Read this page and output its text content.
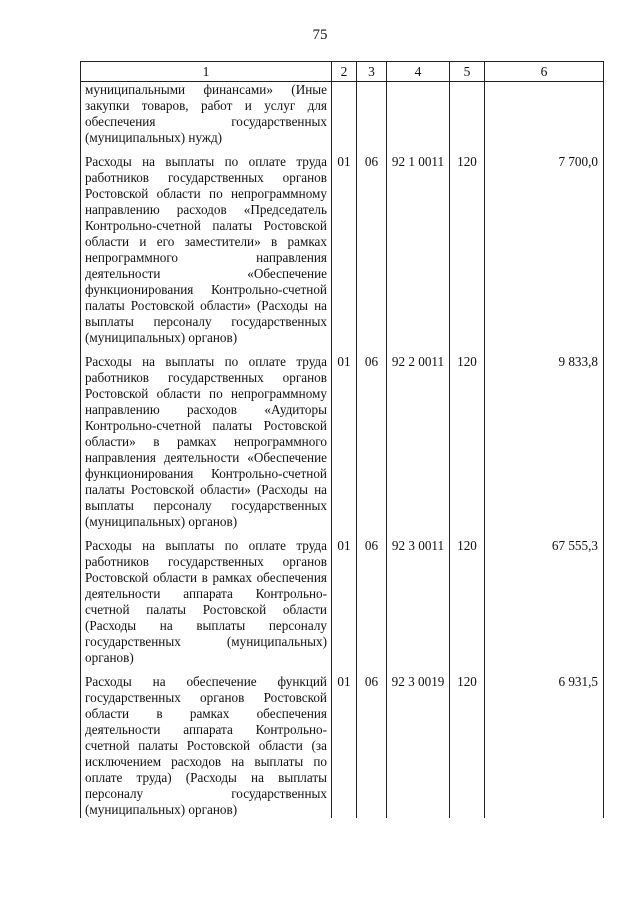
75
1	2	3	4	5	6
муниципальными финансами» (Иные закупки товаров, работ и услуг для обеспечения государственных (муниципальных) нужд)					

Расходы на выплаты по оплате труда работников государственных органов Ростовской области по непрограммному направлению расходов «Председатель Контрольно-счетной палаты Ростовской области и его заместители» в рамках непрограммного направления деятельности «Обеспечение функционирования Контрольно-счетной палаты Ростовской области» (Расходы на выплаты персоналу государственных (муниципальных) органов)	01	06	92 1 0011	120	7 700,0

Расходы на выплаты по оплате труда работников государственных органов Ростовской области по непрограммному направлению расходов «Аудиторы Контрольно-счетной палаты Ростовской области» в рамках непрограммного направления деятельности «Обеспечение функционирования Контрольно-счетной палаты Ростовской области» (Расходы на выплаты персоналу государственных (муниципальных) органов)	01	06	92 2 0011	120	9 833,8

Расходы на выплаты по оплате труда работников государственных органов Ростовской области в рамках обеспечения деятельности аппарата Контрольно-счетной палаты Ростовской области (Расходы на выплаты персоналу государственных (муниципальных) органов)	01	06	92 3 0011	120	67 555,3

Расходы на обеспечение функций государственных органов Ростовской области в рамках обеспечения деятельности аппарата Контрольно-счетной палаты Ростовской области (за исключением расходов на выплаты по оплате труда) (Расходы на выплаты персоналу государственных (муниципальных) органов)	01	06	92 3 0019	120	6 931,5
